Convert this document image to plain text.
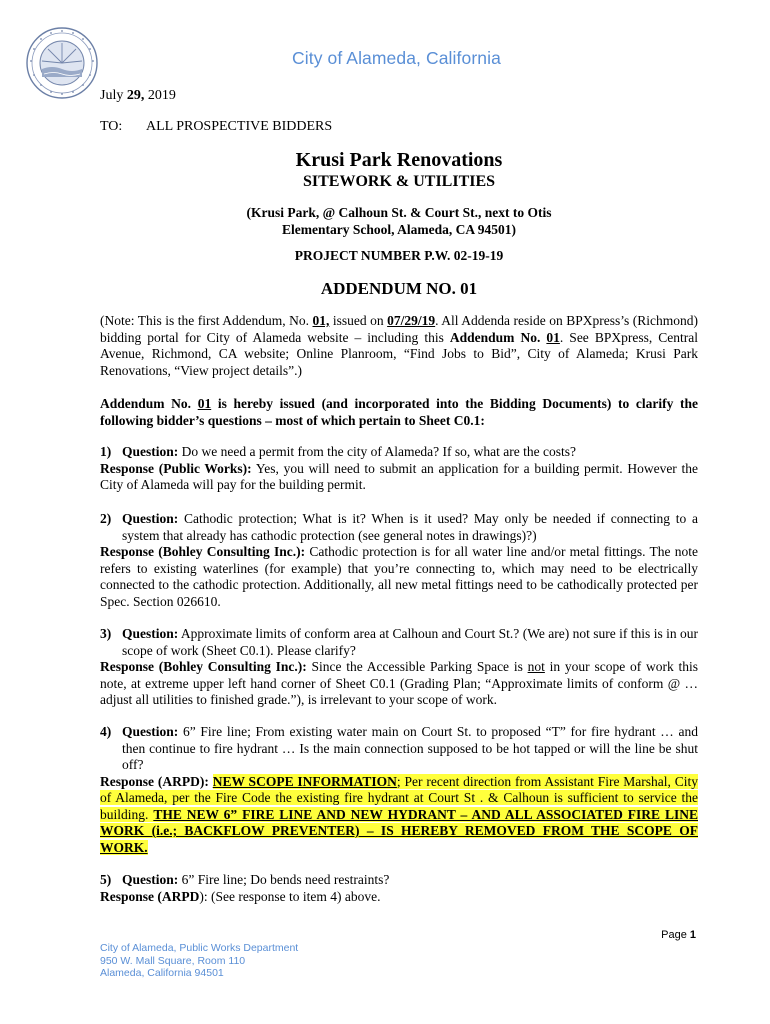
City of Alameda, California
July 29, 2019
TO: ALL PROSPECTIVE BIDDERS
Krusi Park Renovations
SITEWORK & UTILITIES
(Krusi Park, @ Calhoun St. & Court St., next to Otis
Elementary School, Alameda, CA 94501)
PROJECT NUMBER P.W. 02-19-19
ADDENDUM NO. 01
(Note: This is the first Addendum, No. 01, issued on 07/29/19. All Addenda reside on BPXpress’s (Richmond) bidding portal for City of Alameda website – including this Addendum No. 01. See BPXpress, Central Avenue, Richmond, CA website; Online Planroom, “Find Jobs to Bid”, City of Alameda; Krusi Park Renovations, “View project details”.)
Addendum No. 01 is hereby issued (and incorporated into the Bidding Documents) to clarify the following bidder’s questions – most of which pertain to Sheet C0.1:
1) Question: Do we need a permit from the city of Alameda? If so, what are the costs?
Response (Public Works): Yes, you will need to submit an application for a building permit. However the City of Alameda will pay for the building permit.
2) Question: Cathodic protection; What is it? When is it used? May only be needed if connecting to a system that already has cathodic protection (see general notes in drawings)?)
Response (Bohley Consulting Inc.): Cathodic protection is for all water line and/or metal fittings. The note refers to existing waterlines (for example) that you’re connecting to, which may need to be electrically connected to the cathodic protection. Additionally, all new metal fittings need to be cathodically protected per Spec. Section 026610.
3) Question: Approximate limits of conform area at Calhoun and Court St.? (We are) not sure if this is in our scope of work (Sheet C0.1). Please clarify?
Response (Bohley Consulting Inc.): Since the Accessible Parking Space is not in your scope of work this note, at extreme upper left hand corner of Sheet C0.1 (Grading Plan; “Approximate limits of conform @ … adjust all utilities to finished grade.”), is irrelevant to your scope of work.
4) Question: 6” Fire line; From existing water main on Court St. to proposed “T” for fire hydrant … and then continue to fire hydrant … Is the main connection supposed to be hot tapped or will the line be shut off?
Response (ARPD): NEW SCOPE INFORMATION; Per recent direction from Assistant Fire Marshal, City of Alameda, per the Fire Code the existing fire hydrant at Court St . & Calhoun is sufficient to service the building. THE NEW 6” FIRE LINE AND NEW HYDRANT – AND ALL ASSOCIATED FIRE LINE WORK (i.e.; BACKFLOW PREVENTER) – IS HEREBY REMOVED FROM THE SCOPE OF WORK.
5) Question: 6” Fire line; Do bends need restraints?
Response (ARPD): (See response to item 4) above.
Page 1
City of Alameda, Public Works Department
950 W. Mall Square, Room 110
Alameda, California 94501
